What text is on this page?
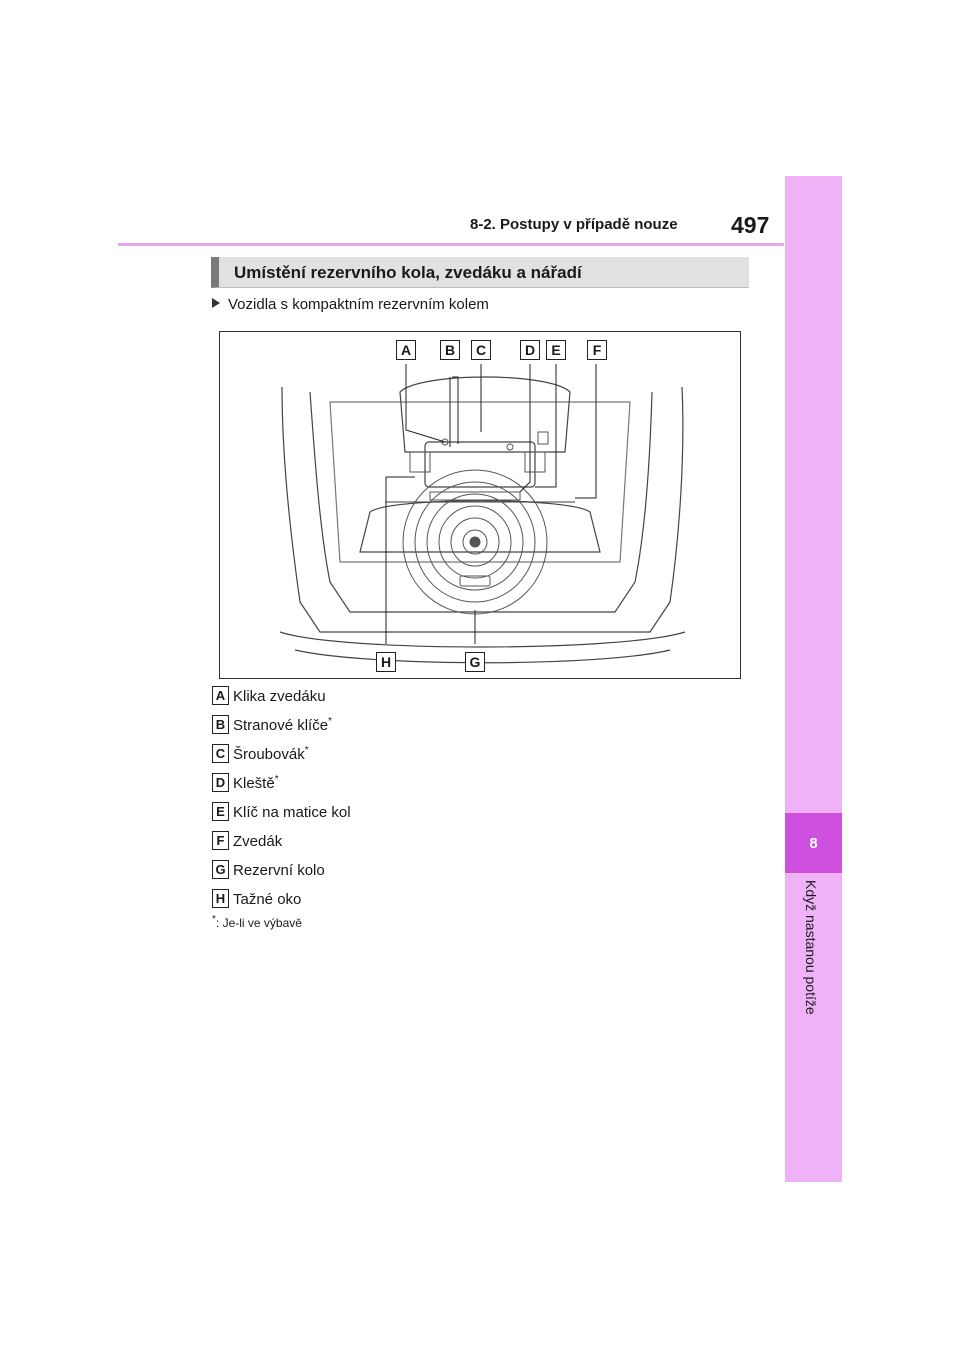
8-2. Postupy v případě nouze 497
8
Když nastanou potíže
Umístění rezervního kola, zvedáku a nářadí
Vozidla s kompaktním rezervním kolem
A	B	C	D	E	F
H	G
A Klika zvedáku
B Stranové klíče*
C Šroubovák*
D Kleště*
E Klíč na matice kol
F Zvedák
G Rezervní kolo
H Tažné oko
*: Je-li ve výbavě
